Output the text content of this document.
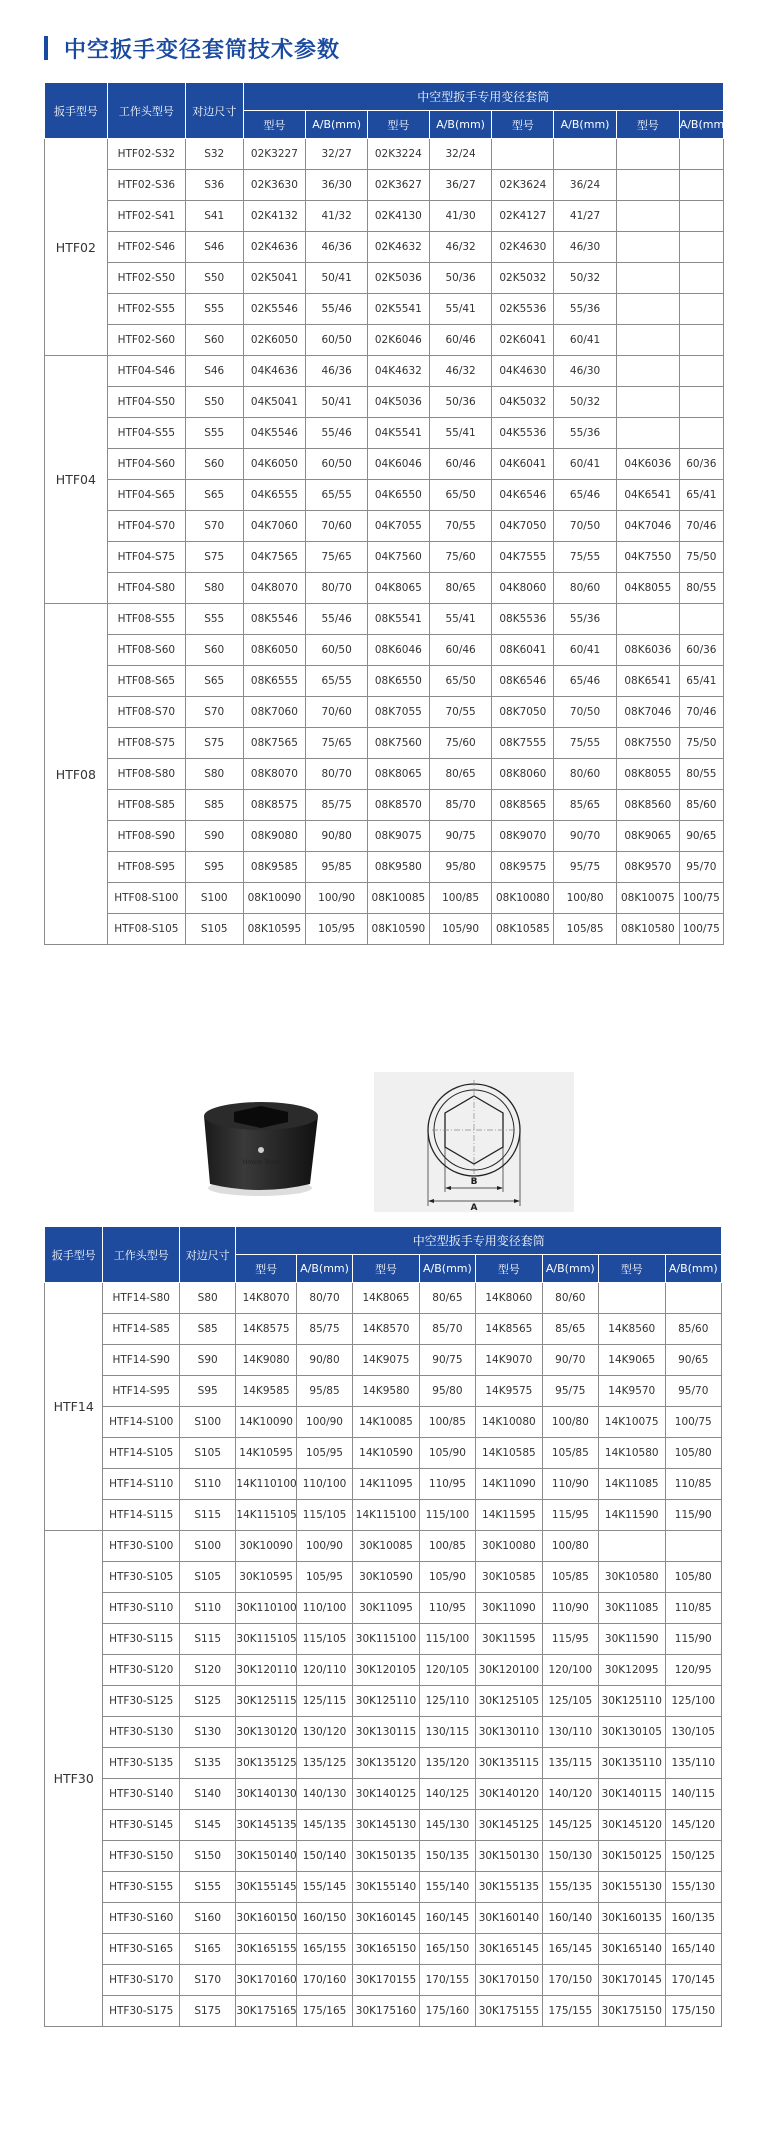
中空扳手变径套筒技术参数
扳手型号	工作头型号	对边尺寸	中空型扳手专用变径套筒							
			型号	A/B(mm)	型号	A/B(mm)	型号	A/B(mm)	型号	A/B(mm)
HTF02	HTF02-S32	S32	02K3227	32/27	02K3224	32/24				
	HTF02-S36	S36	02K3630	36/30	02K3627	36/27	02K3624	36/24		
	HTF02-S41	S41	02K4132	41/32	02K4130	41/30	02K4127	41/27		
	HTF02-S46	S46	02K4636	46/36	02K4632	46/32	02K4630	46/30		
	HTF02-S50	S50	02K5041	50/41	02K5036	50/36	02K5032	50/32		
	HTF02-S55	S55	02K5546	55/46	02K5541	55/41	02K5536	55/36		
	HTF02-S60	S60	02K6050	60/50	02K6046	60/46	02K6041	60/41		
HTF04	HTF04-S46	S46	04K4636	46/36	04K4632	46/32	04K4630	46/30		
	HTF04-S50	S50	04K5041	50/41	04K5036	50/36	04K5032	50/32		
	HTF04-S55	S55	04K5546	55/46	04K5541	55/41	04K5536	55/36		
	HTF04-S60	S60	04K6050	60/50	04K6046	60/46	04K6041	60/41	04K6036	60/36
	HTF04-S65	S65	04K6555	65/55	04K6550	65/50	04K6546	65/46	04K6541	65/41
	HTF04-S70	S70	04K7060	70/60	04K7055	70/55	04K7050	70/50	04K7046	70/46
	HTF04-S75	S75	04K7565	75/65	04K7560	75/60	04K7555	75/55	04K7550	75/50
	HTF04-S80	S80	04K8070	80/70	04K8065	80/65	04K8060	80/60	04K8055	80/55
HTF08	HTF08-S55	S55	08K5546	55/46	08K5541	55/41	08K5536	55/36		
	HTF08-S60	S60	08K6050	60/50	08K6046	60/46	08K6041	60/41	08K6036	60/36
	HTF08-S65	S65	08K6555	65/55	08K6550	65/50	08K6546	65/46	08K6541	65/41
	HTF08-S70	S70	08K7060	70/60	08K7055	70/55	08K7050	70/50	08K7046	70/46
	HTF08-S75	S75	08K7565	75/65	08K7560	75/60	08K7555	75/55	08K7550	75/50
	HTF08-S80	S80	08K8070	80/70	08K8065	80/65	08K8060	80/60	08K8055	80/55
	HTF08-S85	S85	08K8575	85/75	08K8570	85/70	08K8565	85/65	08K8560	85/60
	HTF08-S90	S90	08K9080	90/80	08K9075	90/75	08K9070	90/70	08K9065	90/65
	HTF08-S95	S95	08K9585	95/85	08K9580	95/80	08K9575	95/75	08K9570	95/70
	HTF08-S100	S100	08K10090	100/90	08K10085	100/85	08K10080	100/80	08K10075	100/75
	HTF08-S105	S105	08K10595	105/95	08K10590	105/90	08K10585	105/85	08K10580	100/75
Hmkm Tools
B
A
扳手型号	工作头型号	对边尺寸	中空型扳手专用变径套筒							
			型号	A/B(mm)	型号	A/B(mm)	型号	A/B(mm)	型号	A/B(mm)
HTF14	HTF14-S80	S80	14K8070	80/70	14K8065	80/65	14K8060	80/60		
	HTF14-S85	S85	14K8575	85/75	14K8570	85/70	14K8565	85/65	14K8560	85/60
	HTF14-S90	S90	14K9080	90/80	14K9075	90/75	14K9070	90/70	14K9065	90/65
	HTF14-S95	S95	14K9585	95/85	14K9580	95/80	14K9575	95/75	14K9570	95/70
	HTF14-S100	S100	14K10090	100/90	14K10085	100/85	14K10080	100/80	14K10075	100/75
	HTF14-S105	S105	14K10595	105/95	14K10590	105/90	14K10585	105/85	14K10580	105/80
	HTF14-S110	S110	14K110100	110/100	14K11095	110/95	14K11090	110/90	14K11085	110/85
	HTF14-S115	S115	14K115105	115/105	14K115100	115/100	14K11595	115/95	14K11590	115/90
HTF30	HTF30-S100	S100	30K10090	100/90	30K10085	100/85	30K10080	100/80		
	HTF30-S105	S105	30K10595	105/95	30K10590	105/90	30K10585	105/85	30K10580	105/80
	HTF30-S110	S110	30K110100	110/100	30K11095	110/95	30K11090	110/90	30K11085	110/85
	HTF30-S115	S115	30K115105	115/105	30K115100	115/100	30K11595	115/95	30K11590	115/90
	HTF30-S120	S120	30K120110	120/110	30K120105	120/105	30K120100	120/100	30K12095	120/95
	HTF30-S125	S125	30K125115	125/115	30K125110	125/110	30K125105	125/105	30K125110	125/100
	HTF30-S130	S130	30K130120	130/120	30K130115	130/115	30K130110	130/110	30K130105	130/105
	HTF30-S135	S135	30K135125	135/125	30K135120	135/120	30K135115	135/115	30K135110	135/110
	HTF30-S140	S140	30K140130	140/130	30K140125	140/125	30K140120	140/120	30K140115	140/115
	HTF30-S145	S145	30K145135	145/135	30K145130	145/130	30K145125	145/125	30K145120	145/120
	HTF30-S150	S150	30K150140	150/140	30K150135	150/135	30K150130	150/130	30K150125	150/125
	HTF30-S155	S155	30K155145	155/145	30K155140	155/140	30K155135	155/135	30K155130	155/130
	HTF30-S160	S160	30K160150	160/150	30K160145	160/145	30K160140	160/140	30K160135	160/135
	HTF30-S165	S165	30K165155	165/155	30K165150	165/150	30K165145	165/145	30K165140	165/140
	HTF30-S170	S170	30K170160	170/160	30K170155	170/155	30K170150	170/150	30K170145	170/145
	HTF30-S175	S175	30K175165	175/165	30K175160	175/160	30K175155	175/155	30K175150	175/150
